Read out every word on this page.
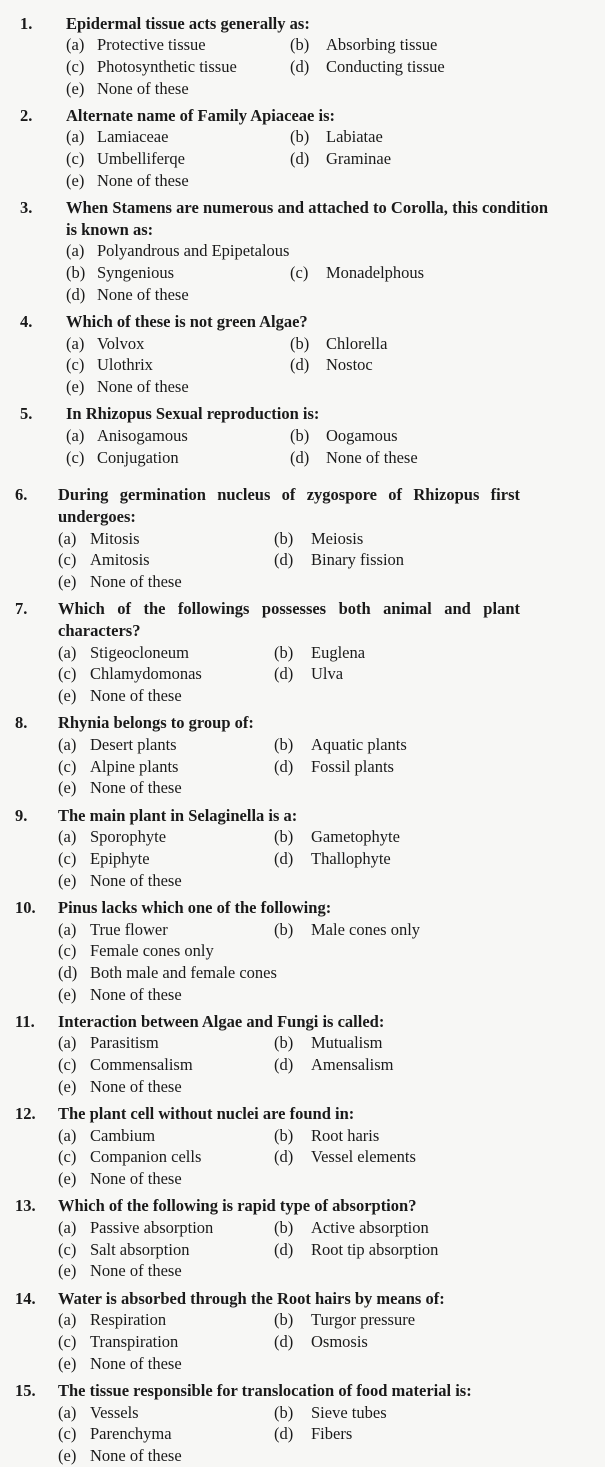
1. Epidermal tissue acts generally as:
(a) Protective tissue	(b) Absorbing tissue
(c) Photosynthetic tissue	(d) Conducting tissue
(e) None of these
2. Alternate name of Family Apiaceae is:
(a) Lamiaceae	(b) Labiatae
(c) Umbelliferqe	(d) Graminae
(e) None of these
3. When Stamens are numerous and attached to Corolla, this condition is known as:
(a) Polyandrous and Epipetalous
(b) Syngenious	(c) Monadelphous
(d) None of these
4. Which of these is not green Algae?
(a) Volvox	(b) Chlorella
(c) Ulothrix	(d) Nostoc
(e) None of these
5. In Rhizopus Sexual reproduction is:
(a) Anisogamous	(b) Oogamous
(c) Conjugation	(d) None of these
6. During germination nucleus of zygospore of Rhizopus first undergoes:
(a) Mitosis	(b) Meiosis
(c) Amitosis	(d) Binary fission
(e) None of these
7. Which of the followings possesses both animal and plant characters?
(a) Stigeocloneum	(b) Euglena
(c) Chlamydomonas	(d) Ulva
(e) None of these
8. Rhynia belongs to group of:
(a) Desert plants	(b) Aquatic plants
(c) Alpine plants	(d) Fossil plants
(e) None of these
9. The main plant in Selaginella is a:
(a) Sporophyte	(b) Gametophyte
(c) Epiphyte	(d) Thallophyte
(e) None of these
10. Pinus lacks which one of the following:
(a) True flower	(b) Male cones only
(c) Female cones only
(d) Both male and female cones
(e) None of these
11. Interaction between Algae and Fungi is called:
(a) Parasitism	(b) Mutualism
(c) Commensalism	(d) Amensalism
(e) None of these
12. The plant cell without nuclei are found in:
(a) Cambium	(b) Root haris
(c) Companion cells	(d) Vessel elements
(e) None of these
13. Which of the following is rapid type of absorption?
(a) Passive absorption	(b) Active absorption
(c) Salt absorption	(d) Root tip absorption
(e) None of these
14. Water is absorbed through the Root hairs by means of:
(a) Respiration	(b) Turgor pressure
(c) Transpiration	(d) Osmosis
(e) None of these
15. The tissue responsible for translocation of food material is:
(a) Vessels	(b) Sieve tubes
(c) Parenchyma	(d) Fibers
(e) None of these
